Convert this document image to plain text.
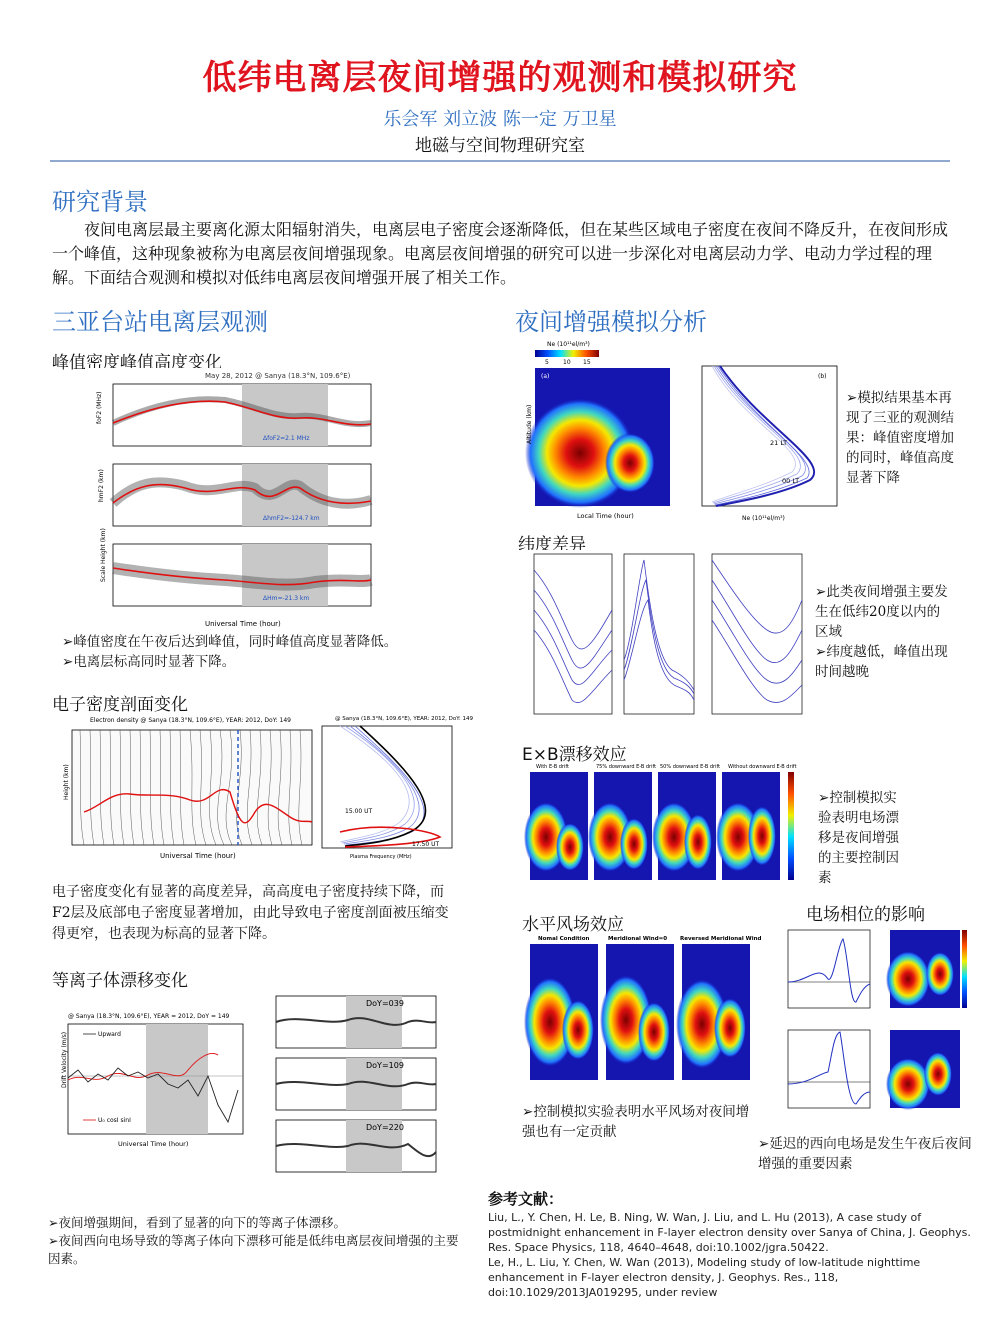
低纬电离层夜间增强的观测和模拟研究
乐会军 刘立波 陈一定 万卫星
地磁与空间物理研究室
研究背景
夜间电离层最主要离化源太阳辐射消失，电离层电子密度会逐渐降低，但在某些区域电子密度在夜间不降反升，在夜间形成一个峰值，这种现象被称为电离层夜间增强现象。电离层夜间增强的研究可以进一步深化对电离层动力学、电动力学过程的理解。下面结合观测和模拟对低纬电离层夜间增强开展了相关工作。
三亚台站电离层观测
峰值密度峰值高度变化
May 28, 2012 @ Sanya (18.3°N, 109.6°E)
ΔfoF2=2.1 MHz
foF2 (MHz)
ΔhmF2=-124.7 km
hmF2 (km)
ΔHm=-21.3 km
Scale Height (km)
Universal Time (hour)

➢峰值密度在午夜后达到峰值，同时峰值高度显著降低。

➢电离层标高同时显著下降。

电子密度剖面变化
Electron density @ Sanya (18.3°N, 109.6°E), YEAR: 2012, DoY: 149
Height (km)
Universal Time (hour)
@ Sanya (18.3°N, 109.6°E), YEAR: 2012, DoY: 149
15.00 UT
17.50 UT
Plasma Frequency (MHz)
电子密度变化有显著的高度差异，高高度电子密度持续下降，而F2层及底部电子密度显著增加，由此导致电子密度剖面被压缩变得更窄，也表现为标高的显著下降。
等离子体漂移变化
@ Sanya (18.3°N, 109.6°E), YEAR = 2012, DoY = 149
Upward
U₀ cosI sinI
Drift Velocity (m/s)
Universal Time (hour)
DoY=039
DoY=109
DoY=220

➢夜间增强期间，看到了显著的向下的等离子体漂移。

➢夜间西向电场导致的等离子体向下漂移可能是低纬电离层夜间增强的主要因素。

夜间增强模拟分析
Ne (10¹¹el/m³)
5 10 15
(a)
Altitude (km)
Local Time (hour)
(b)
21 LT
00 LT
Ne (10¹¹el/m³)
➢模拟结果基本再现了三亚的观测结果：峰值密度增加的同时，峰值高度显著下降
纬度差异

➢此类夜间增强主要发生在低纬20度以内的区域

➢纬度越低，峰值出现时间越晚

E×B漂移效应
With E-B drift	75% downward E-B drift 50% downward E-B drift Without downward E-B drift
➢控制模拟实验表明电场漂移是夜间增强的主要控制因素
水平风场效应	电场相位的影响
Nomal Condition	Meridional Wind=0 Reversed Meridional Wind
➢控制模拟实验表明水平风场对夜间增强也有一定贡献
➢延迟的西向电场是发生午夜后夜间增强的重要因素
参考文献：
Liu, L., Y. Chen, H. Le, B. Ning, W. Wan, J. Liu, and L. Hu (2013), A case study of postmidnight enhancement in F-layer electron density over Sanya of China, J. Geophys. Res. Space Physics, 118, 4640–4648, doi:10.1002/jgra.50422.
Le, H., L. Liu, Y. Chen, W. Wan (2013), Modeling study of low-latitude nighttime enhancement in F-layer electron density, J. Geophys. Res., 118, doi:10.1029/2013JA019295, under review
